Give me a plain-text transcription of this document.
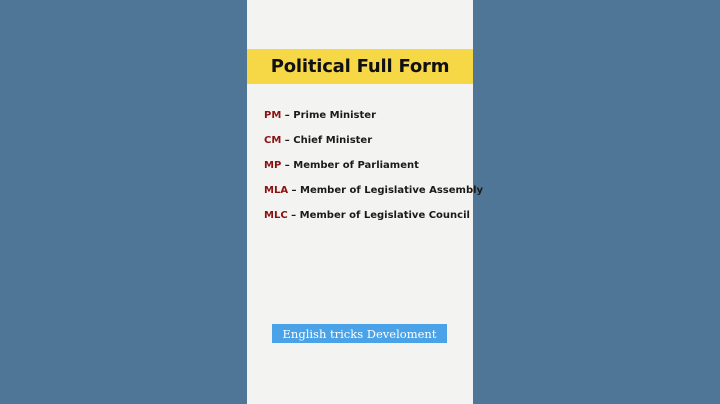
Political Full Form
PM – Prime Minister
CM – Chief Minister
MP – Member of Parliament
MLA – Member of Legislative Assembly
MLC – Member of Legislative Council
English tricks Develoment
